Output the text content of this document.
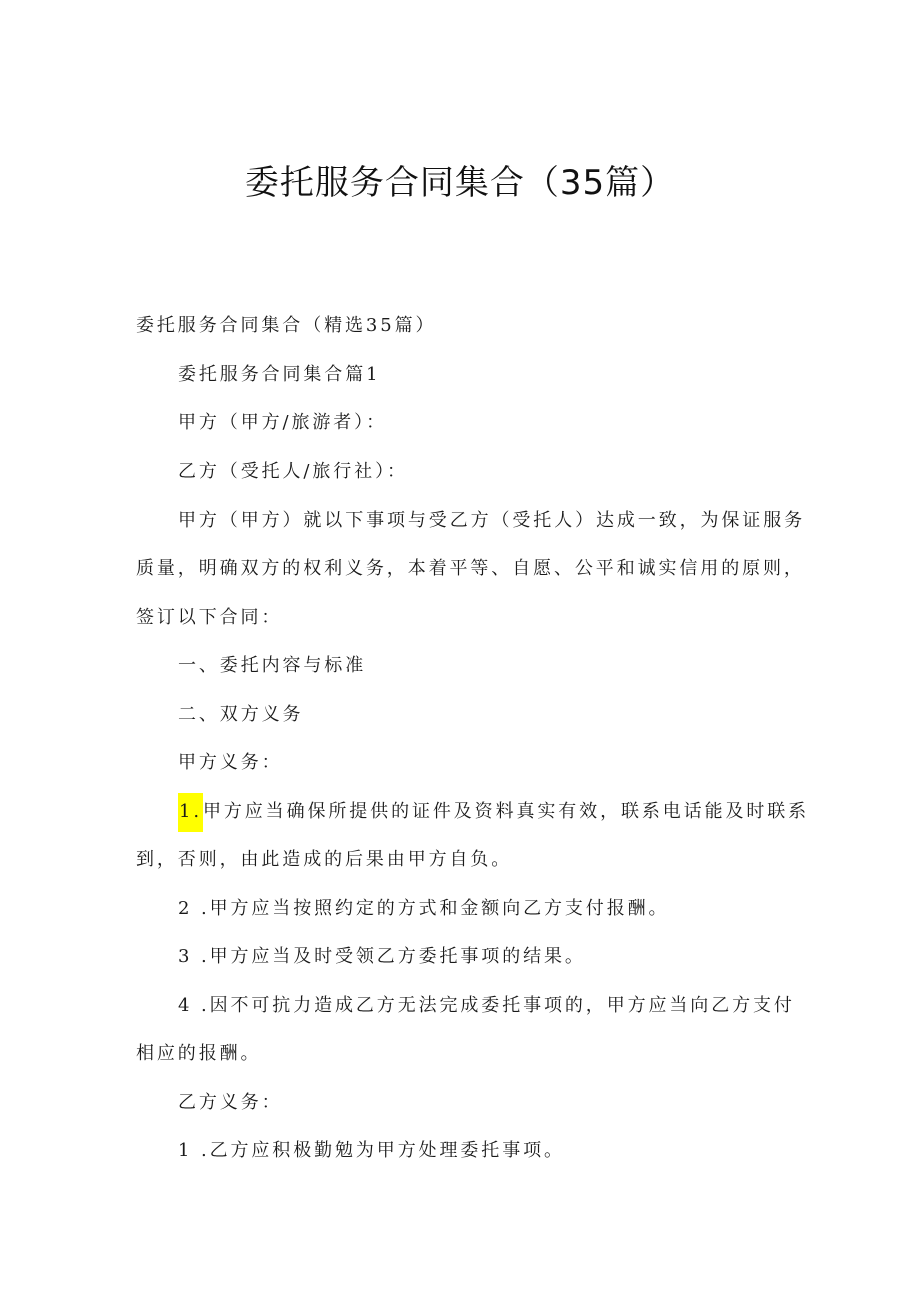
委托服务合同集合（35篇）
委托服务合同集合（精选35篇）
委托服务合同集合篇1
甲方（甲方/旅游者）：
乙方（受托人/旅行社）：
甲方（甲方）就以下事项与受乙方（受托人）达成一致，为保证服务
质量，明确双方的权利义务，本着平等、自愿、公平和诚实信用的原则，
签订以下合同：
一、委托内容与标准
二、双方义务
甲方义务：
1.甲方应当确保所提供的证件及资料真实有效，联系电话能及时联系
到，否则，由此造成的后果由甲方自负。
2 .甲方应当按照约定的方式和金额向乙方支付报酬。
3 .甲方应当及时受领乙方委托事项的结果。
4 .因不可抗力造成乙方无法完成委托事项的，甲方应当向乙方支付
相应的报酬。
乙方义务：
1 .乙方应积极勤勉为甲方处理委托事项。
